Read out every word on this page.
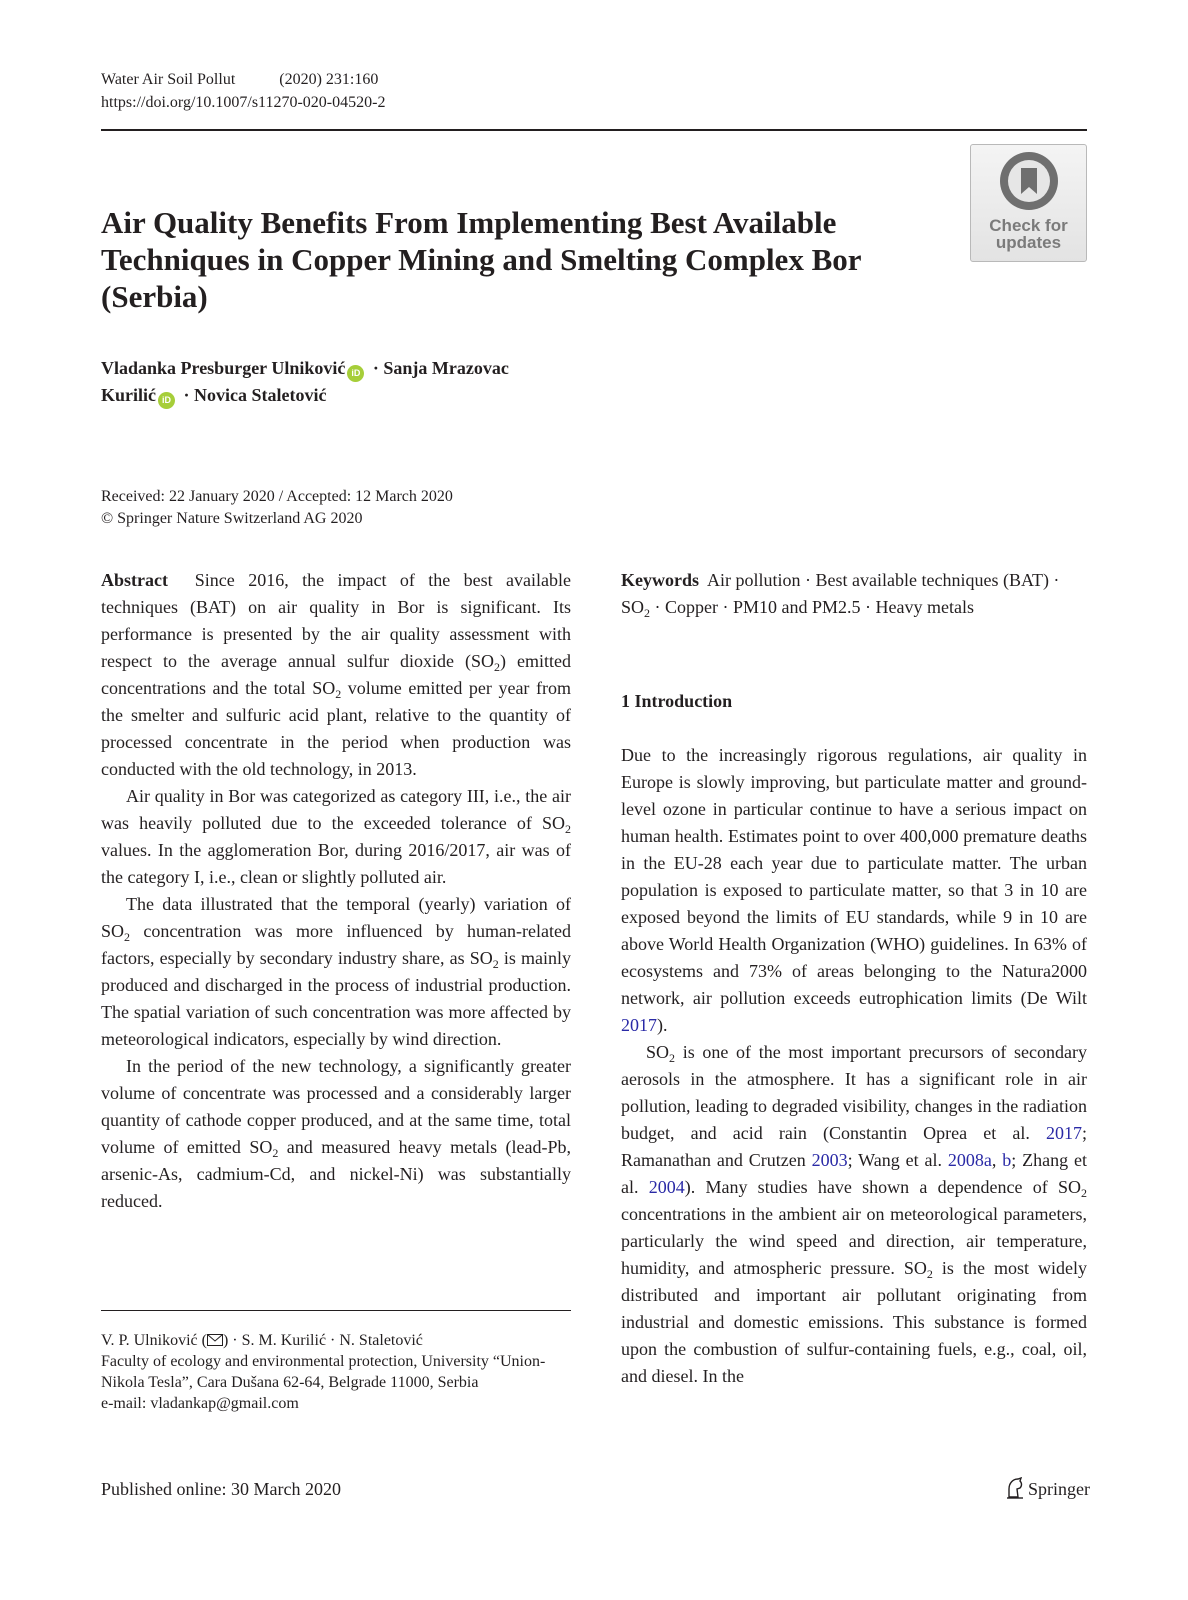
Water Air Soil Pollut	(2020) 231:160
https://doi.org/10.1007/s11270-020-04520-2
Check for
updates
Air Quality Benefits From Implementing Best Available Techniques in Copper Mining and Smelting Complex Bor (Serbia)
Vladanka Presburger Ulniković iD · Sanja Mrazovac
Kurilić iD · Novica Staletović
Received: 22 January 2020 / Accepted: 12 March 2020
© Springer Nature Switzerland AG 2020

Abstract Since 2016, the impact of the best available techniques (BAT) on air quality in Bor is significant. Its performance is presented by the air quality assessment with respect to the average annual sulfur dioxide $(SO_2)$ emitted concentrations and the total $SO_2$ volume emitted per year from the smelter and sulfuric acid plant, relative to the quantity of processed concentrate in the period when production was conducted with the old technology, in 2013.

Air quality in Bor was categorized as category III, i.e., the air was heavily polluted due to the exceeded tolerance of $SO_2$ values. In the agglomeration Bor, during 2016/2017, air was of the category I, i.e., clean or slightly polluted air.

The data illustrated that the temporal (yearly) variation of $SO_2$ concentration was more influenced by human-related factors, especially by secondary industry share, as $SO_2$ is mainly produced and discharged in the process of industrial production. The spatial variation of such concentration was more affected by meteorological indicators, especially by wind direction.

In the period of the new technology, a significantly greater volume of concentrate was processed and a considerably larger quantity of cathode copper produced, and at the same time, total volume of emitted $SO_2$ and measured heavy metals (lead-Pb, arsenic-As, cadmium-Cd, and nickel-Ni) was substantially reduced.

Keywords Air pollution · Best available techniques $(BAT) \cdot SO_2$ · Copper · PM10 and PM2.5 · Heavy metals

1 Introduction

Due to the increasingly rigorous regulations, air quality in Europe is slowly improving, but particulate matter and ground-level ozone in particular continue to have a serious impact on human health. Estimates point to over 400,000 premature deaths in the EU-28 each year due to particulate matter. The urban population is exposed to particulate matter, so that 3 in 10 are exposed beyond the limits of EU standards, while 9 in 10 are above World Health Organization (WHO) guidelines. In 63% of ecosystems and 73% of areas belonging to the Natura2000 network, air pollution exceeds eutrophication limits (De Wilt 2017).

$SO_2$ is one of the most important precursors of secondary aerosols in the atmosphere. It has a significant role in air pollution, leading to degraded visibility, changes in the radiation budget, and acid rain (Constantin Oprea et al. 2017; Ramanathan and Crutzen 2003; Wang et al. 2008a, b; Zhang et al. 2004). Many studies have shown a dependence of $SO_2$ concentrations in the ambient air on meteorological parameters, particularly the wind speed and direction, air temperature, humidity, and atmospheric pressure. $SO_2$ is the most widely distributed and important air pollutant originating from industrial and domestic emissions. This substance is formed upon the combustion of sulfur-containing fuels, e.g., coal, oil, and diesel. In the

V. P. Ulniković ( ) · S. M. Kurilić · N. Staletović
Faculty of ecology and environmental protection, University “Union-Nikola Tesla”, Cara Dušana 62-64, Belgrade 11000, Serbia
e-mail: vladankap@gmail.com
Published online: 30 March 2020	Springer
